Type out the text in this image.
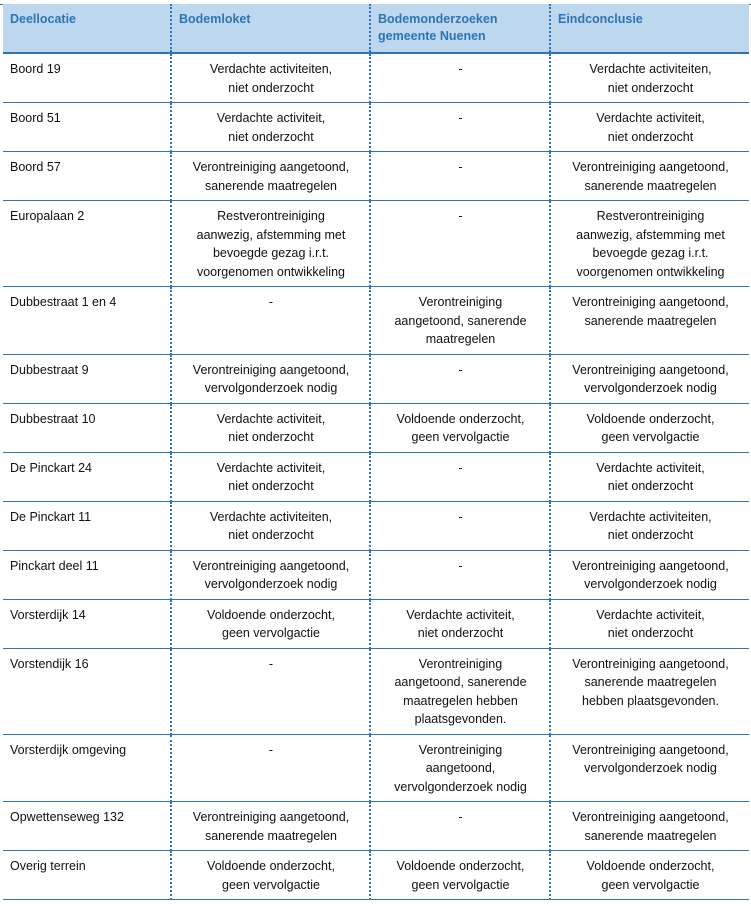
Deellocatie	Bodemloket	Bodemonderzoeken
gemeente Nuenen	Eindconclusie
Boord 19	Verdachte activiteiten,
niet onderzocht	-	Verdachte activiteiten,
niet onderzocht
Boord 51	Verdachte activiteit,
niet onderzocht	-	Verdachte activiteit,
niet onderzocht
Boord 57	Verontreiniging aangetoond,
sanerende maatregelen	-	Verontreiniging aangetoond,
sanerende maatregelen
Europalaan 2	Restverontreiniging
aanwezig, afstemming met
bevoegde gezag i.r.t.
voorgenomen ontwikkeling	-	Restverontreiniging
aanwezig, afstemming met
bevoegde gezag i.r.t.
voorgenomen ontwikkeling
Dubbestraat 1 en 4	-	Verontreiniging
aangetoond, sanerende
maatregelen	Verontreiniging aangetoond,
sanerende maatregelen
Dubbestraat 9	Verontreiniging aangetoond,
vervolgonderzoek nodig	-	Verontreiniging aangetoond,
vervolgonderzoek nodig
Dubbestraat 10	Verdachte activiteit,
niet onderzocht	Voldoende onderzocht,
geen vervolgactie	Voldoende onderzocht,
geen vervolgactie
De Pinckart 24	Verdachte activiteit,
niet onderzocht	-	Verdachte activiteit,
niet onderzocht
De Pinckart 11	Verdachte activiteiten,
niet onderzocht	-	Verdachte activiteiten,
niet onderzocht
Pinckart deel 11	Verontreiniging aangetoond,
vervolgonderzoek nodig	-	Verontreiniging aangetoond,
vervolgonderzoek nodig
Vorsterdijk 14	Voldoende onderzocht,
geen vervolgactie	Verdachte activiteit,
niet onderzocht	Verdachte activiteit,
niet onderzocht
Vorstendijk 16	-	Verontreiniging
aangetoond, sanerende
maatregelen hebben
plaatsgevonden.	Verontreiniging aangetoond,
sanerende maatregelen
hebben plaatsgevonden.
Vorsterdijk omgeving	-	Verontreiniging
aangetoond,
vervolgonderzoek nodig	Verontreiniging aangetoond,
vervolgonderzoek nodig
Opwettenseweg 132	Verontreiniging aangetoond,
sanerende maatregelen	-	Verontreiniging aangetoond,
sanerende maatregelen
Overig terrein	Voldoende onderzocht,
geen vervolgactie	Voldoende onderzocht,
geen vervolgactie	Voldoende onderzocht,
geen vervolgactie
